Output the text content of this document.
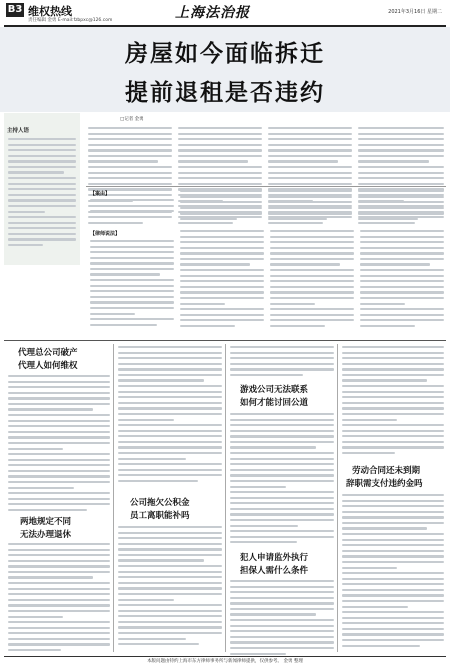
B3 维权热线
责任编辑 金勇 E-mail:fzbpxc@126.com	上海法治报	2021年3月16日 星期二
房屋如今面临拆迁
提前退租是否违约
主持人语
□记者 金勇
【案由】
【律师说法】
代理总公司破产
代理人如何维权
两地规定不同
无法办理退休
公司拖欠公积金
员工离职能补吗
游戏公司无法联系
如何才能讨回公道
犯人申请监外执行
担保人需什么条件
劳动合同还未到期
辞职需支付违约金吗
本版问题由特约上海市东方律师事务所与新闻律师提供，仅供参考。 金勇 整理
